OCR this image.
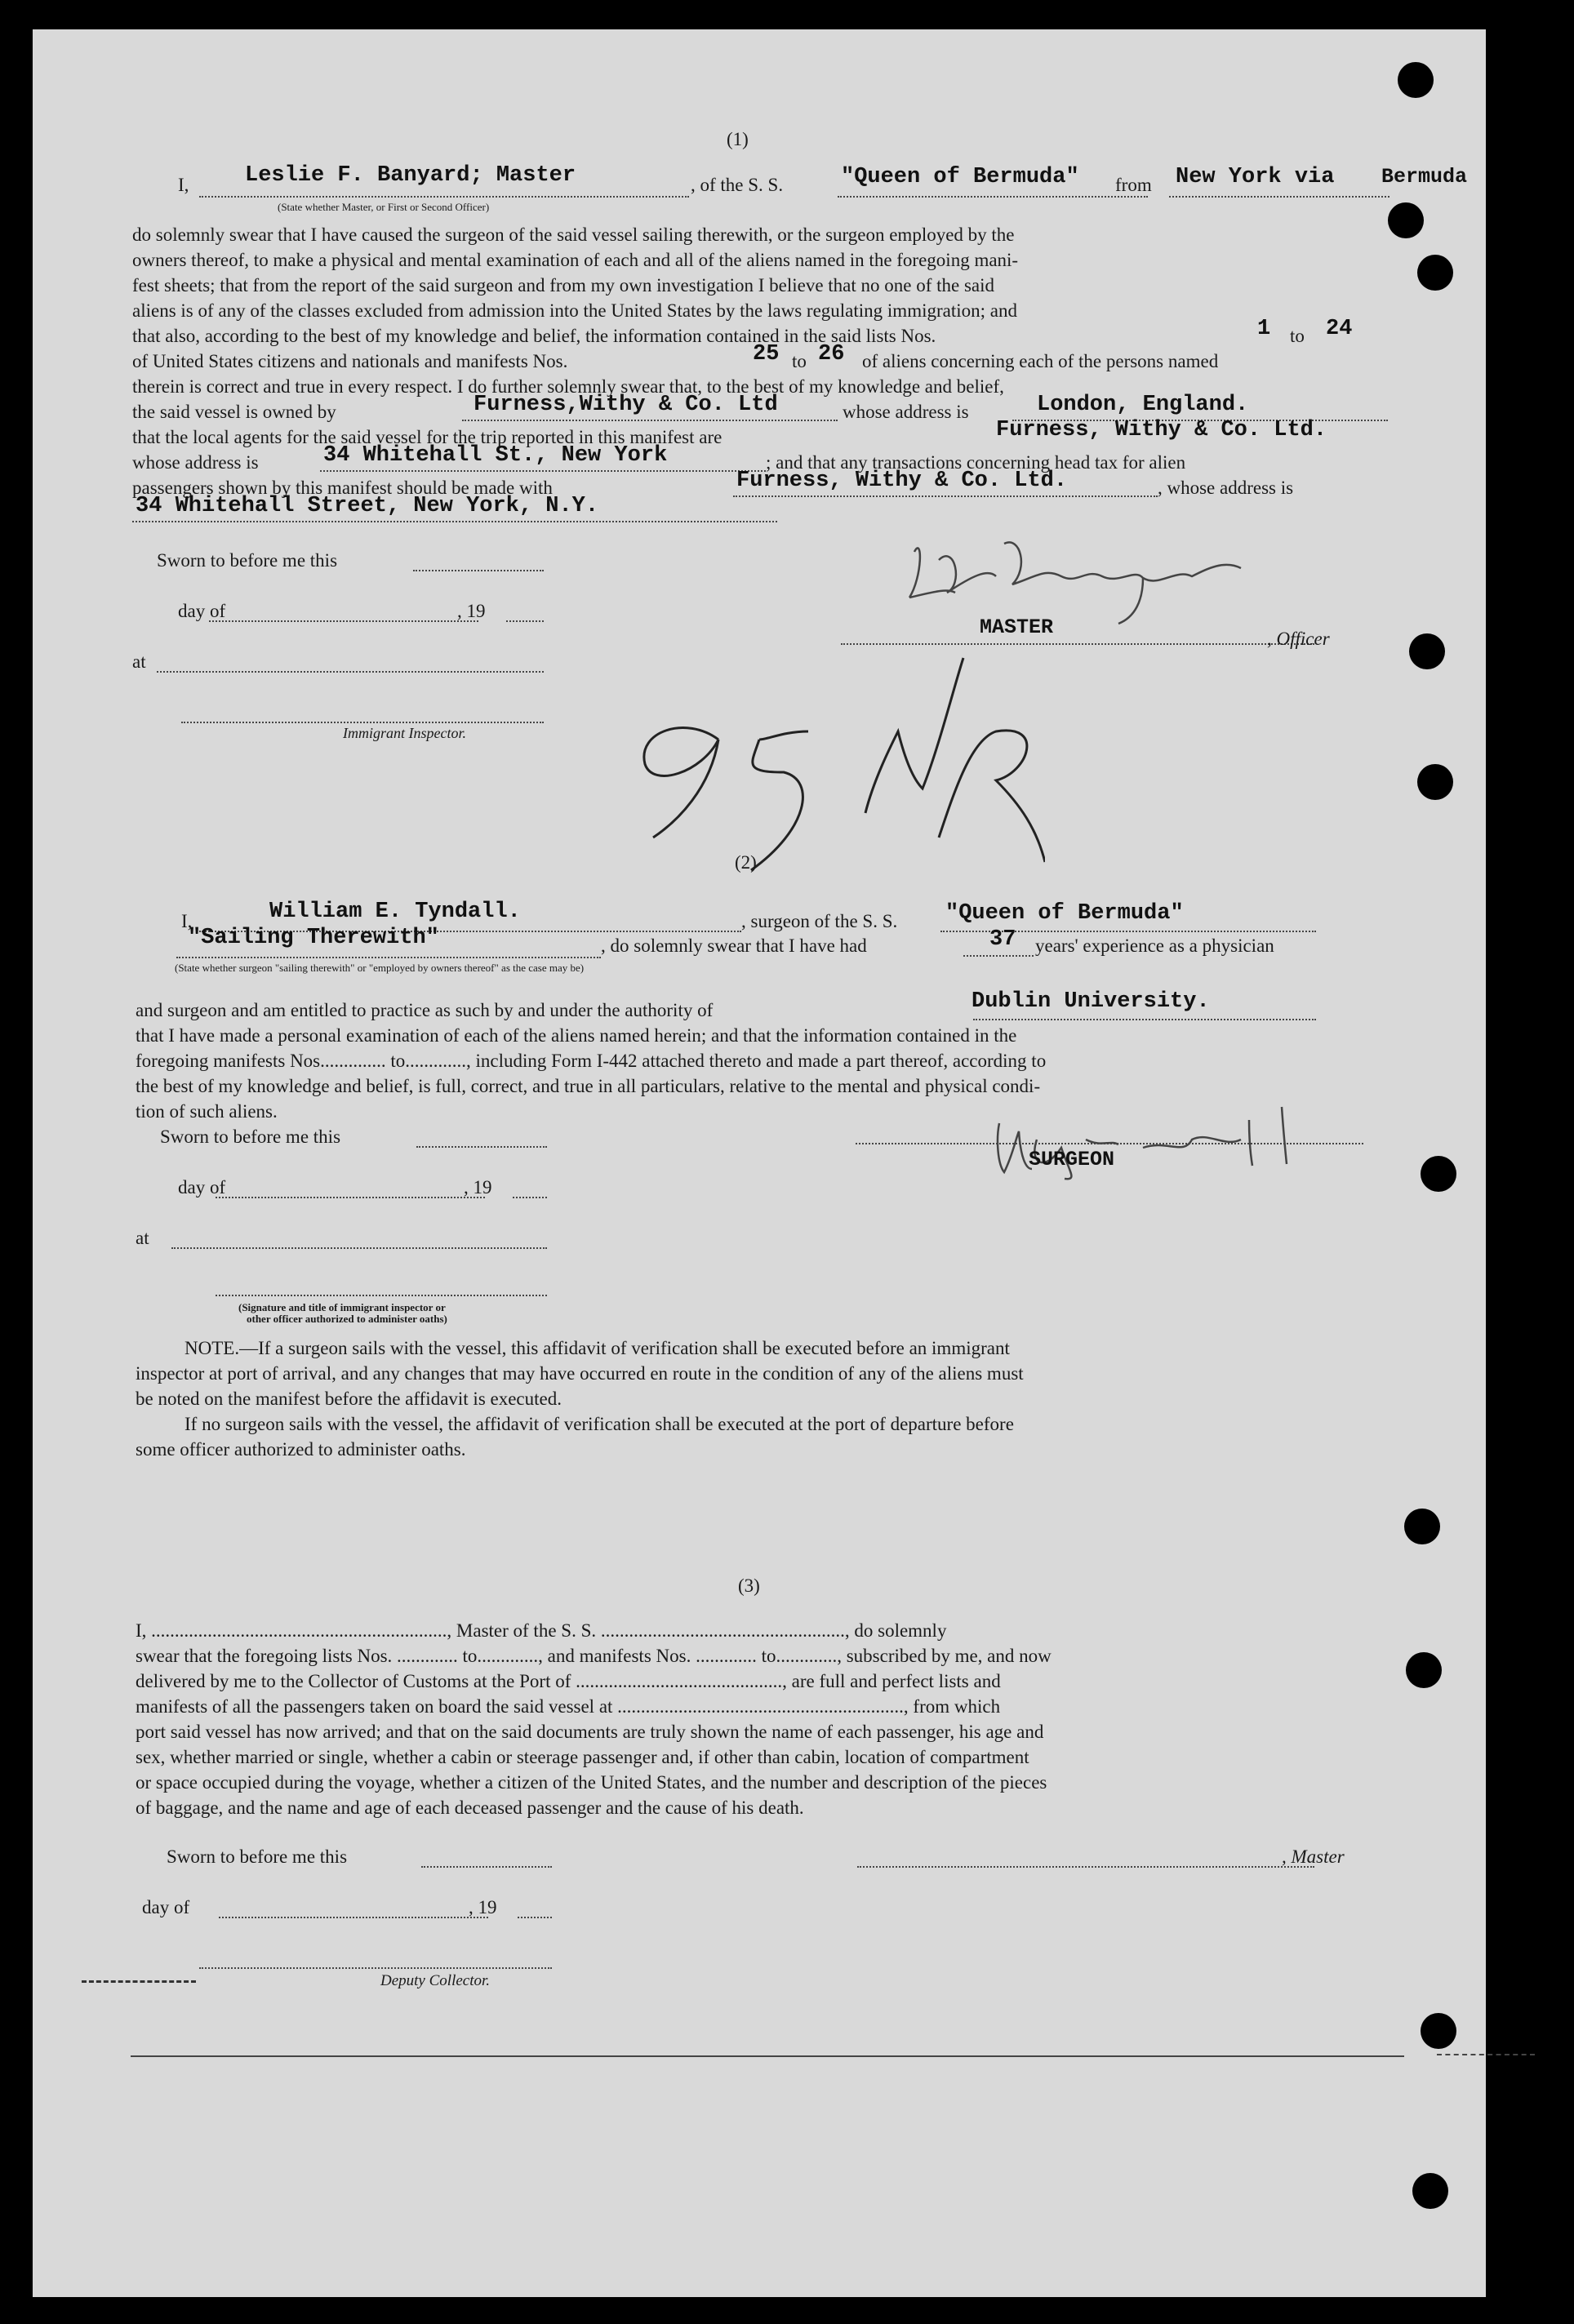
(1)
I,	Leslie F. Banyard; Master	, of the S. S.	"Queen of Bermuda" from New York via Bermuda
(State whether Master, or First or Second Officer)
do solemnly swear that I have caused the surgeon of the said vessel sailing therewith, or the surgeon employed by the
owners thereof, to make a physical and mental examination of each and all of the aliens named in the foregoing mani-
fest sheets; that from the report of the said surgeon and from my own investigation I believe that no one of the said
aliens is of any of the classes excluded from admission into the United States by the laws regulating immigration; and
that also, according to the best of my knowledge and belief, the information contained in the said lists Nos.	1 to 24
of United States citizens and nationals and manifests Nos.	25 to 26 of aliens concerning each of the persons named
therein is correct and true in every respect. I do further solemnly swear that, to the best of my knowledge and belief,
the said vessel is owned by	Furness,Withy & Co. Ltd	whose address is	London, England.
that the local agents for the said vessel for the trip reported in this manifest are	Furness, Withy & Co. Ltd.
whose address is	34 Whitehall St., New York	; and that any transactions concerning head tax for alien
passengers shown by this manifest should be made with	Furness, Withy & Co. Ltd.	, whose address is
34 Whitehall Street, New York, N.Y.
Sworn to before me this
day of	, 19
at
Immigrant Inspector.
MASTER	, Officer
(2)
I,	William E. Tyndall.	, surgeon of the S. S. "Queen of Bermuda"
"Sailing Therewith"	, do solemnly swear that I have had	37 years' experience as a physician
(State whether surgeon "sailing therewith" or "employed by owners thereof" as the case may be)
and surgeon and am entitled to practice as such by and under the authority of	Dublin University.
that I have made a personal examination of each of the aliens named herein; and that the information contained in the
foregoing manifests Nos.............. to............., including Form I-442 attached thereto and made a part thereof, according to
the best of my knowledge and belief, is full, correct, and true in all particulars, relative to the mental and physical condi-
tion of such aliens.
Sworn to before me this
day of	, 19
at
(Signature and title of immigrant inspector or
other officer authorized to administer oaths)
SURGEON
NOTE.—If a surgeon sails with the vessel, this affidavit of verification shall be executed before an immigrant
inspector at port of arrival, and any changes that may have occurred en route in the condition of any of the aliens must
be noted on the manifest before the affidavit is executed.
If no surgeon sails with the vessel, the affidavit of verification shall be executed at the port of departure before
some officer authorized to administer oaths.
(3)
I, ..............................................................., Master of the S. S. ...................................................., do solemnly
swear that the foregoing lists Nos. ............. to............., and manifests Nos. ............. to............., subscribed by me, and now
delivered by me to the Collector of Customs at the Port of ............................................, are full and perfect lists and
manifests of all the passengers taken on board the said vessel at ............................................................., from which
port said vessel has now arrived; and that on the said documents are truly shown the name of each passenger, his age and
sex, whether married or single, whether a cabin or steerage passenger and, if other than cabin, location of compartment
or space occupied during the voyage, whether a citizen of the United States, and the number and description of the pieces
of baggage, and the name and age of each deceased passenger and the cause of his death.
Sworn to before me this	, Master
day of	, 19
Deputy Collector.
